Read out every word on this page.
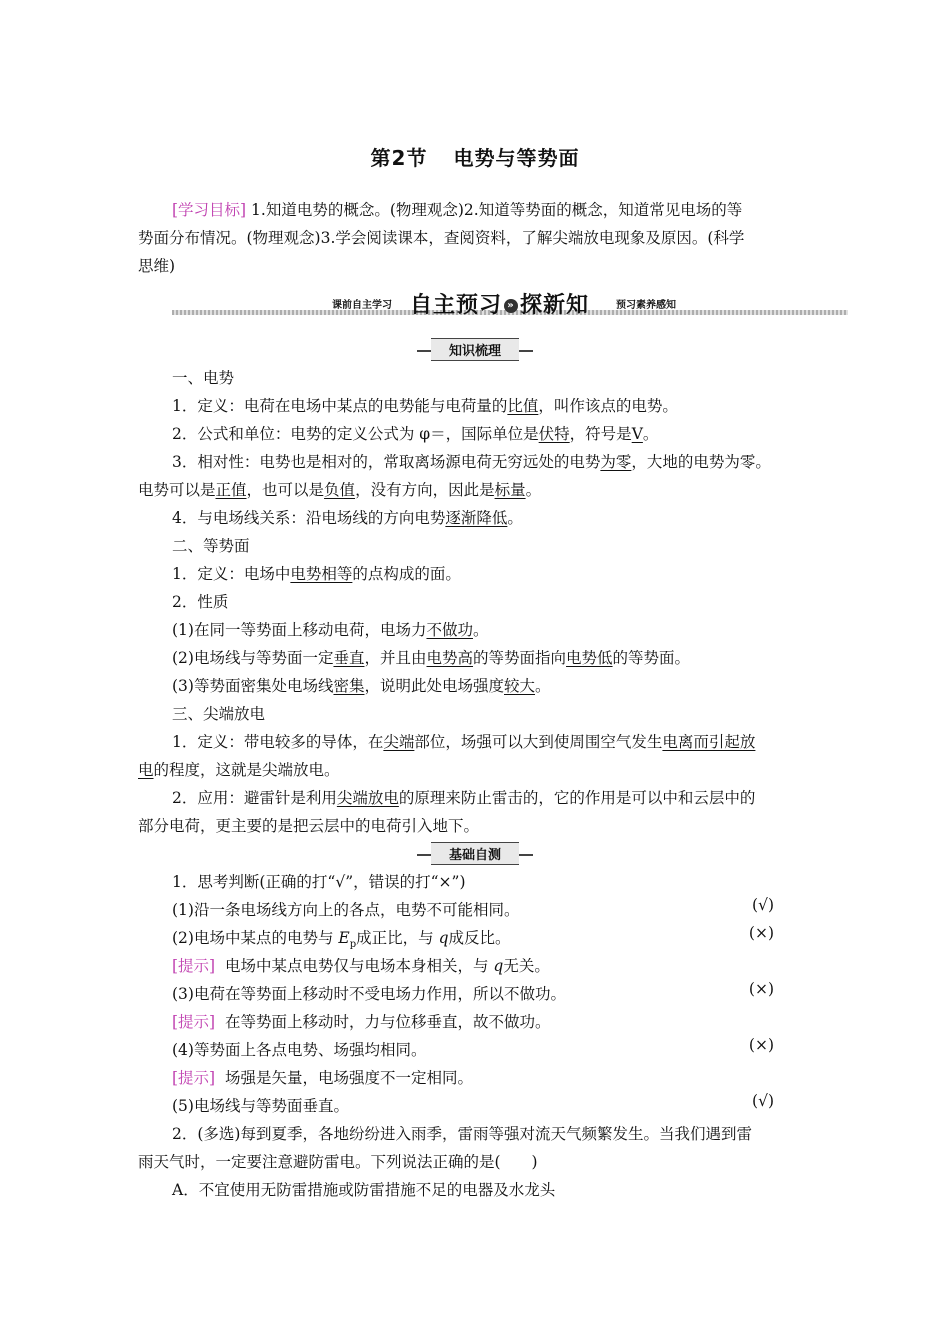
第2节 电势与等势面
[学习目标] 1.知道电势的概念。(物理观念)2.知道等势面的概念，知道常见电场的等
势面分布情况。(物理观念)3.学会阅读课本，查阅资料，了解尖端放电现象及原因。(科学
思维)
课前自主学习 自主预习 » 探新知	预习素养感知
知识梳理
一、电势
1．定义：电荷在电场中某点的电势能与电荷量的比值，叫作该点的电势。
2．公式和单位：电势的定义公式为 φ＝，国际单位是伏特，符号是V。
3．相对性：电势也是相对的，常取离场源电荷无穷远处的电势为零，大地的电势为零。
电势可以是正值，也可以是负值，没有方向，因此是标量。
4．与电场线关系：沿电场线的方向电势逐渐降低。
二、等势面
1．定义：电场中电势相等的点构成的面。
2．性质
(1)在同一等势面上移动电荷，电场力不做功。
(2)电场线与等势面一定垂直，并且由电势高的等势面指向电势低的等势面。
(3)等势面密集处电场线密集，说明此处电场强度较大。
三、尖端放电
1．定义：带电较多的导体，在尖端部位，场强可以大到使周围空气发生电离而引起放
电的程度，这就是尖端放电。
2．应用：避雷针是利用尖端放电的原理来防止雷击的，它的作用是可以中和云层中的
部分电荷，更主要的是把云层中的电荷引入地下。
基础自测
1．思考判断(正确的打“√”，错误的打“×”)
(1)沿一条电场线方向上的各点，电势不可能相同。	(√)
(2)电场中某点的电势与 $E_p$成正比，与 q成反比。	(×)
[提示] 电场中某点电势仅与电场本身相关，与 q无关。
(3)电荷在等势面上移动时不受电场力作用，所以不做功。	(×)
[提示] 在等势面上移动时，力与位移垂直，故不做功。
(4)等势面上各点电势、场强均相同。	(×)
[提示] 场强是矢量，电场强度不一定相同。
(5)电场线与等势面垂直。	(√)
2．(多选)每到夏季，各地纷纷进入雨季，雷雨等强对流天气频繁发生。当我们遇到雷
雨天气时，一定要注意避防雷电。下列说法正确的是(　　)
A．不宜使用无防雷措施或防雷措施不足的电器及水龙头
